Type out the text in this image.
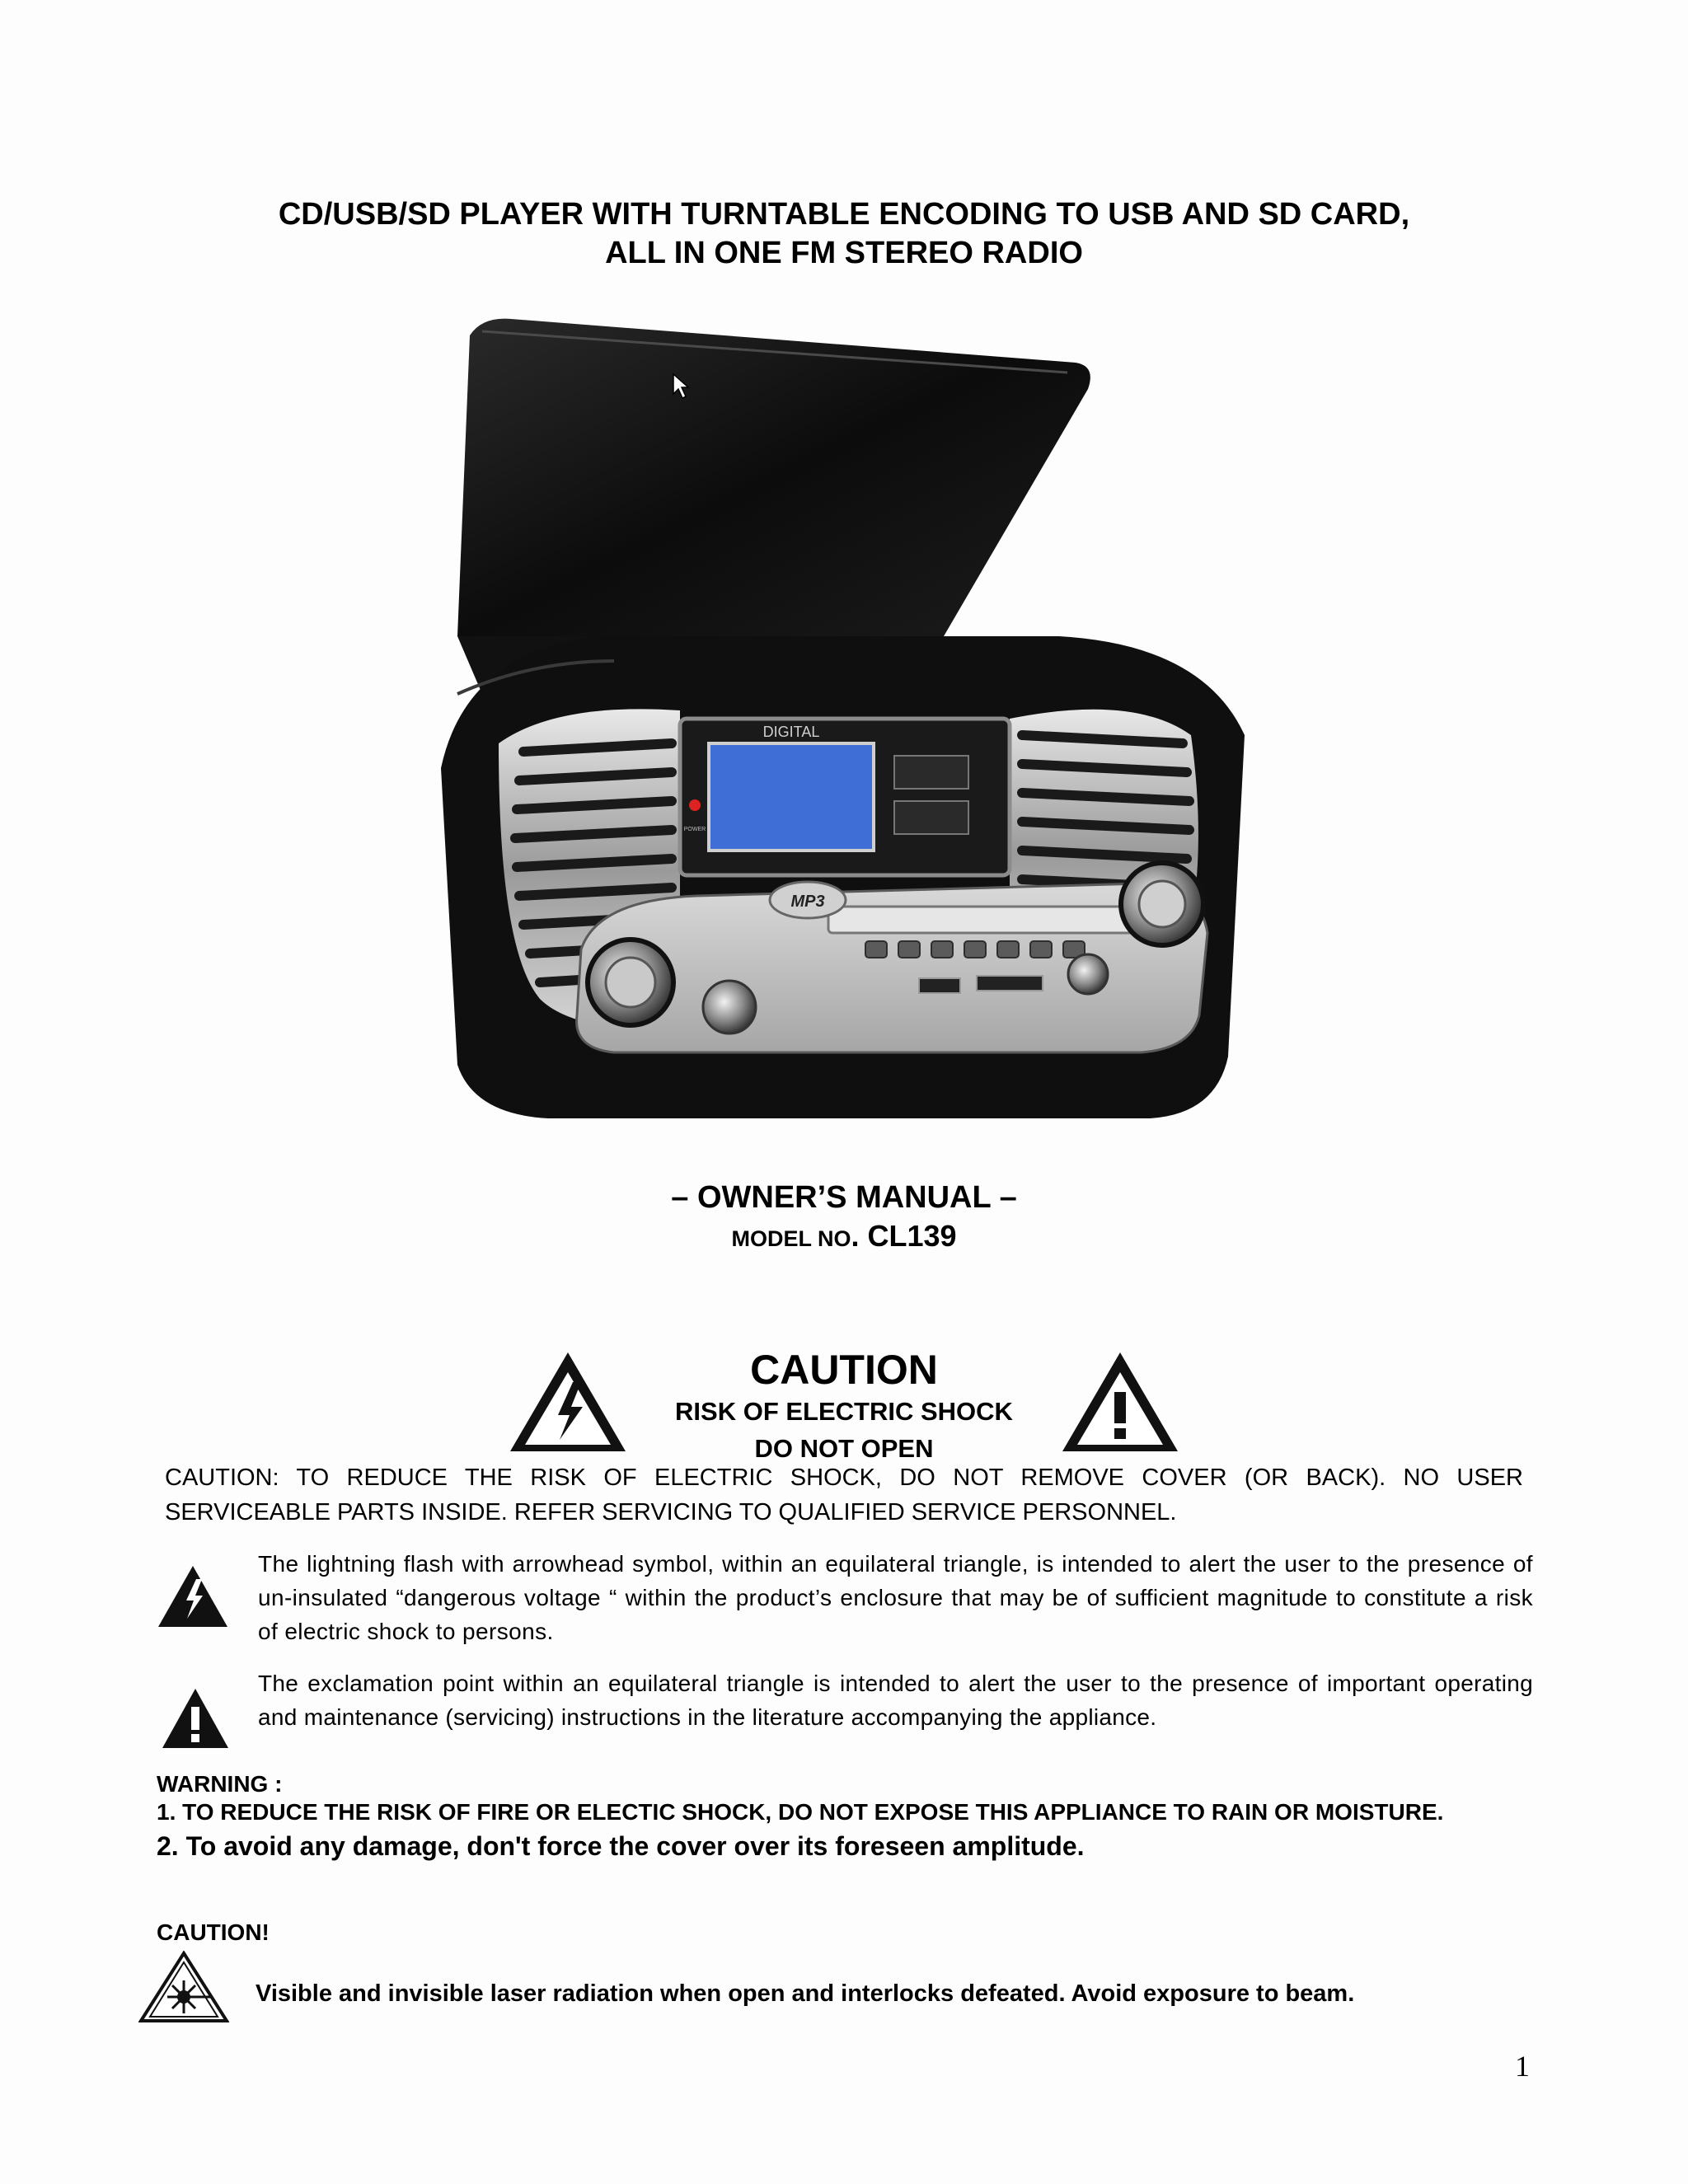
CD/USB/SD PLAYER WITH TURNTABLE ENCODING TO USB AND SD CARD,
ALL IN ONE FM STEREO RADIO
DIGITAL
POWER
MP3
– OWNER’S MANUAL –
MODEL NO. CL139
CAUTION
RISK OF ELECTRIC SHOCK
DO NOT OPEN
CAUTION: TO REDUCE THE RISK OF ELECTRIC SHOCK, DO NOT REMOVE COVER (OR BACK). NO USER SERVICEABLE PARTS INSIDE. REFER SERVICING TO QUALIFIED SERVICE PERSONNEL.
The lightning flash with arrowhead symbol, within an equilateral triangle, is intended to alert the user to the presence of un-insulated “dangerous voltage “ within the product’s enclosure that may be of sufficient magnitude to constitute a risk of electric shock to persons.
The exclamation point within an equilateral triangle is intended to alert the user to the presence of important operating and maintenance (servicing) instructions in the literature accompanying the appliance.
WARNING :
1. TO REDUCE THE RISK OF FIRE OR ELECTIC SHOCK, DO NOT EXPOSE THIS APPLIANCE TO RAIN OR MOISTURE.
2. To avoid any damage, don't force the cover over its foreseen amplitude.
CAUTION!
Visible and invisible laser radiation when open and interlocks defeated. Avoid exposure to beam.
1
